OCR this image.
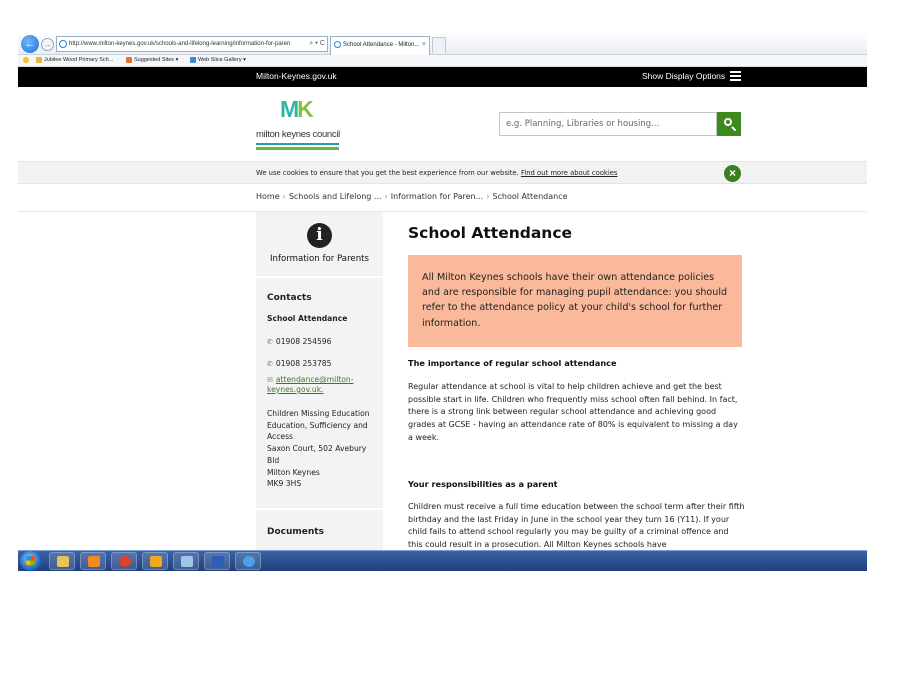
←	→	http://www.milton-keynes.gov.uk/schools-and-lifelong-learning/information-for-paren	⌕ ▾ C	School Attendance - Milton... ×
Jubilee Wood Primary Sch...	Suggested Sites ▾	Web Slice Gallery ▾
Milton-Keynes.gov.uk	Show Display Options
MK
milton keynes council
e.g. Planning, Libraries or housing...
We use cookies to ensure that you get the best experience from our website. Find out more about cookies	×
Home › Schools and Lifelong ... › Information for Paren... › School Attendance
i
Information for Parents
Contacts
School Attendance
✆ 01908 254596
✆ 01908 253785
✉ attendance@milton-keynes.gov.uk.
Children Missing Education
Education, Sufficiency and Access
Saxon Court, 502 Avebury Bld
Milton Keynes
MK9 3HS
Documents
School Attendance
All Milton Keynes schools have their own attendance policies and are responsible for managing pupil attendance: you should refer to the attendance policy at your child's school for further information.
The importance of regular school attendance
Regular attendance at school is vital to help children achieve and get the best possible start in life. Children who frequently miss school often fall behind. In fact, there is a strong link between regular school attendance and achieving good grades at GCSE - having an attendance rate of 80% is equivalent to missing a day a week.
Your responsibilities as a parent
Children must receive a full time education between the school term after their fifth birthday and the last Friday in June in the school year they turn 16 (Y11). If your child fails to attend school regularly you may be guilty of a criminal offence and this could result in a prosecution. All Milton Keynes schools have
